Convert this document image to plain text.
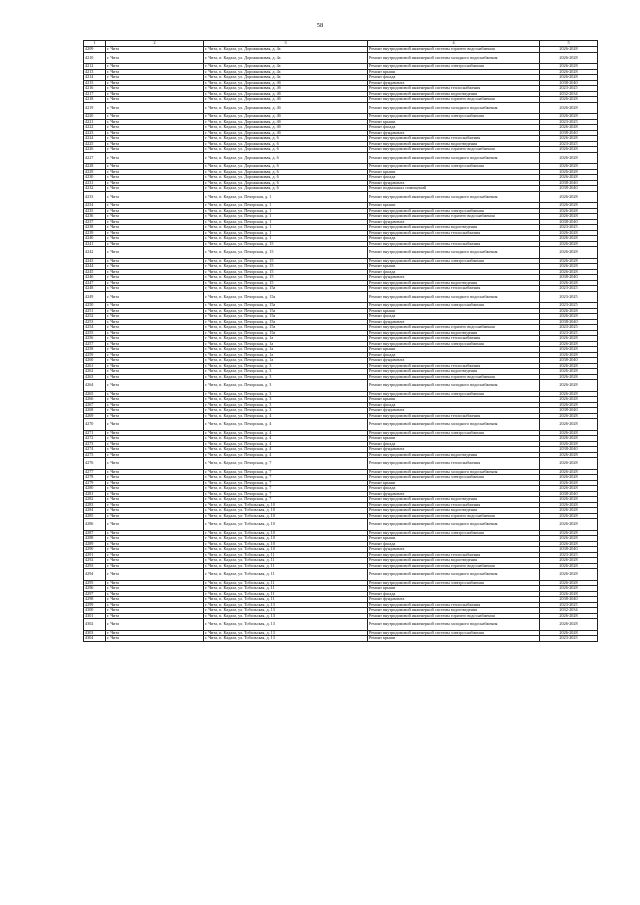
58
1	2	3	4	5
4209	г. Чита	г. Чита, п. Кадала, ул. Дорожниковая, д. 4а	Ремонт внутридомовой инженерной системы горячего водоснабжения	2026-2028
4210	г. Чита	г. Чита, п. Кадала, ул. Дорожниковая, д. 4а	Ремонт внутридомовой инженерной системы холодного водоснабжения	2026-2028
4212	г. Чита	г. Чита, п. Кадала, ул. Дорожниковая, д. 4а	Ремонт внутридомовой инженерной системы электроснабжения	2026-2028
4213	г. Чита	г. Чита, п. Кадала, ул. Дорожниковая, д. 4а	Ремонт крыши	2026-2028
4214	г. Чита	г. Чита, п. Кадала, ул. Дорожниковая, д. 4а	Ремонт фасада	2026-2028
4215	г. Чита	г. Чита, п. Кадала, ул. Дорожниковая, д. 4б	Ремонт фундамента	2038-2040
4216	г. Чита	г. Чита, п. Кадала, ул. Дорожниковая, д. 4б	Ремонт внутридомовой инженерной системы теплоснабжения	2023-2025
4217	г. Чита	г. Чита, п. Кадала, ул. Дорожниковая, д. 4б	Ремонт внутридомовой инженерной системы водоотведения	2032-2034
4218	г. Чита	г. Чита, п. Кадала, ул. Дорожниковая, д. 4б	Ремонт внутридомовой инженерной системы горячего водоснабжения	2026-2028
4219	г. Чита	г. Чита, п. Кадала, ул. Дорожниковая, д. 4б	Ремонт внутридомовой инженерной системы холодного водоснабжения	2026-2028
4220	г. Чита	г. Чита, п. Кадала, ул. Дорожниковая, д. 4б	Ремонт внутридомовой инженерной системы электроснабжения	2026-2028
4221	г. Чита	г. Чита, п. Кадала, ул. Дорожниковая, д. 4б	Ремонт крыши	2023-2025
4222	г. Чита	г. Чита, п. Кадала, ул. Дорожниковая, д. 4б	Ремонт фасада	2026-2028
4223	г. Чита	г. Чита, п. Кадала, ул. Дорожниковая, д. 4б	Ремонт фундамента	2038-2040
4224	г. Чита	г. Чита, п. Кадала, ул. Дорожниковая, д. 6	Ремонт внутридомовой инженерной системы теплоснабжения	2026-2028
4225	г. Чита	г. Чита, п. Кадала, ул. Дорожниковая, д. 6	Ремонт внутридомовой инженерной системы водоотведения	2023-2025
4226	г. Чита	г. Чита, п. Кадала, ул. Дорожниковая, д. 6	Ремонт внутридомовой инженерной системы горячего водоснабжения	2026-2028
4227	г. Чита	г. Чита, п. Кадала, ул. Дорожниковая, д. 6	Ремонт внутридомовой инженерной системы холодного водоснабжения	2026-2028
4228	г. Чита	г. Чита, п. Кадала, ул. Дорожниковая, д. 6	Ремонт внутридомовой инженерной системы электроснабжения	2026-2028
4229	г. Чита	г. Чита, п. Кадала, ул. Дорожниковая, д. 6	Ремонт крыши	2026-2028
4230	г. Чита	г. Чита, п. Кадала, ул. Дорожниковая, д. 6	Ремонт фасада	2026-2028
4231	г. Чита	г. Чита, п. Кадала, ул. Дорожниковая, д. 6	Ремонт фундамента	2038-2040
4232	г. Чита	г. Чита, п. Кадала, ул. Дорожниковая, д. 6	Ремонт подвальных помещений	2038-2040
4233	г. Чита	г. Чита, п. Кадала, ул. Печорская, д. 1	Ремонт внутридомовой инженерной системы холодного водоснабжения	2026-2028
4234	г. Чита	г. Чита, п. Кадала, ул. Печорская, д. 1	Ремонт крыши	2026-2028
4235	г. Чита	г. Чита, п. Кадала, ул. Печорская, д. 1	Ремонт внутридомовой инженерной системы электроснабжения	2026-2028
4236	г. Чита	г. Чита, п. Кадала, ул. Печорская, д. 1	Ремонт внутридомовой инженерной системы горячего водоснабжения	2026-2028
4237	г. Чита	г. Чита, п. Кадала, ул. Печорская, д. 1	Ремонт фундамента	2038-2040
4238	г. Чита	г. Чита, п. Кадала, ул. Печорская, д. 1	Ремонт внутридомовой инженерной системы водоотведения	2023-2025
4239	г. Чита	г. Чита, п. Кадала, ул. Печорская, д. 1	Ремонт внутридомовой инженерной системы теплоснабжения	2026-2028
4240	г. Чита	г. Чита, п. Кадала, ул. Печорская, д. 1	Ремонт фасада	2026-2028
4241	г. Чита	г. Чита, п. Кадала, ул. Печорская, д. 15	Ремонт внутридомовой инженерной системы теплоснабжения	2026-2028
4242	г. Чита	г. Чита, п. Кадала, ул. Печорская, д. 15	Ремонт внутридомовой инженерной системы холодного водоснабжения	2026-2028
4243	г. Чита	г. Чита, п. Кадала, ул. Печорская, д. 15	Ремонт внутридомовой инженерной системы электроснабжения	2026-2028
4244	г. Чита	г. Чита, п. Кадала, ул. Печорская, д. 15	Ремонт крыши	2026-2028
4245	г. Чита	г. Чита, п. Кадала, ул. Печорская, д. 15	Ремонт фасада	2026-2028
4246	г. Чита	г. Чита, п. Кадала, ул. Печорская, д. 15	Ремонт фундамента	2038-2040
4247	г. Чита	г. Чита, п. Кадала, ул. Печорская, д. 15	Ремонт внутридомовой инженерной системы водоотведения	2026-2028
4248	г. Чита	г. Чита, п. Кадала, ул. Печорская, д. 15а	Ремонт внутридомовой инженерной системы теплоснабжения	2023-2025
4249	г. Чита	г. Чита, п. Кадала, ул. Печорская, д. 15а	Ремонт внутридомовой инженерной системы холодного водоснабжения	2023-2025
4250	г. Чита	г. Чита, п. Кадала, ул. Печорская, д. 15а	Ремонт внутридомовой инженерной системы электроснабжения	2023-2025
4251	г. Чита	г. Чита, п. Кадала, ул. Печорская, д. 15а	Ремонт крыши	2026-2028
4252	г. Чита	г. Чита, п. Кадала, ул. Печорская, д. 15а	Ремонт фасада	2026-2028
4253	г. Чита	г. Чита, п. Кадала, ул. Печорская, д. 15а	Ремонт фундамента	2038-2040
4254	г. Чита	г. Чита, п. Кадала, ул. Печорская, д. 15а	Ремонт внутридомовой инженерной системы горячего водоснабжения	2023-2025
4255	г. Чита	г. Чита, п. Кадала, ул. Печорская, д. 15а	Ремонт внутридомовой инженерной системы водоотведения	2023-2025
4256	г. Чита	г. Чита, п. Кадала, ул. Печорская, д. 1а	Ремонт внутридомовой инженерной системы теплоснабжения	2026-2028
4257	г. Чита	г. Чита, п. Кадала, ул. Печорская, д. 1а	Ремонт внутридомовой инженерной системы электроснабжения	2026-2028
4258	г. Чита	г. Чита, п. Кадала, ул. Печорская, д. 1а	Ремонт крыши	2026-2028
4259	г. Чита	г. Чита, п. Кадала, ул. Печорская, д. 1а	Ремонт фасада	2026-2028
4260	г. Чита	г. Чита, п. Кадала, ул. Печорская, д. 1а	Ремонт фундамента	2038-2040
4261	г. Чита	г. Чита, п. Кадала, ул. Печорская, д. 3	Ремонт внутридомовой инженерной системы теплоснабжения	2026-2028
4262	г. Чита	г. Чита, п. Кадала, ул. Печорская, д. 3	Ремонт внутридомовой инженерной системы водоотведения	2026-2028
4263	г. Чита	г. Чита, п. Кадала, ул. Печорская, д. 3	Ремонт внутридомовой инженерной системы горячего водоснабжения	2026-2028
4264	г. Чита	г. Чита, п. Кадала, ул. Печорская, д. 3	Ремонт внутридомовой инженерной системы холодного водоснабжения	2026-2028
4265	г. Чита	г. Чита, п. Кадала, ул. Печорская, д. 3	Ремонт внутридомовой инженерной системы электроснабжения	2026-2028
4266	г. Чита	г. Чита, п. Кадала, ул. Печорская, д. 3	Ремонт крыши	2026-2028
4267	г. Чита	г. Чита, п. Кадала, ул. Печорская, д. 3	Ремонт фасада	2026-2028
4268	г. Чита	г. Чита, п. Кадала, ул. Печорская, д. 3	Ремонт фундамента	2038-2040
4269	г. Чита	г. Чита, п. Кадала, ул. Печорская, д. 4	Ремонт внутридомовой инженерной системы теплоснабжения	2026-2028
4270	г. Чита	г. Чита, п. Кадала, ул. Печорская, д. 4	Ремонт внутридомовой инженерной системы холодного водоснабжения	2026-2028
4271	г. Чита	г. Чита, п. Кадала, ул. Печорская, д. 4	Ремонт внутридомовой инженерной системы электроснабжения	2026-2028
4272	г. Чита	г. Чита, п. Кадала, ул. Печорская, д. 4	Ремонт крыши	2026-2028
4273	г. Чита	г. Чита, п. Кадала, ул. Печорская, д. 4	Ремонт фасада	2026-2028
4274	г. Чита	г. Чита, п. Кадала, ул. Печорская, д. 4	Ремонт фундамента	2038-2040
4275	г. Чита	г. Чита, п. Кадала, ул. Печорская, д. 4	Ремонт внутридомовой инженерной системы водоотведения	2026-2028
4276	г. Чита	г. Чита, п. Кадала, ул. Печорская, д. 7	Ремонт внутридомовой инженерной системы теплоснабжения	2026-2028
4277	г. Чита	г. Чита, п. Кадала, ул. Печорская, д. 7	Ремонт внутридомовой инженерной системы холодного водоснабжения	2026-2028
4278	г. Чита	г. Чита, п. Кадала, ул. Печорская, д. 7	Ремонт внутридомовой инженерной системы электроснабжения	2026-2028
4279	г. Чита	г. Чита, п. Кадала, ул. Печорская, д. 7	Ремонт крыши	2026-2028
4280	г. Чита	г. Чита, п. Кадала, ул. Печорская, д. 7	Ремонт фасада	2026-2028
4281	г. Чита	г. Чита, п. Кадала, ул. Печорская, д. 7	Ремонт фундамента	2038-2040
4282	г. Чита	г. Чита, п. Кадала, ул. Печорская, д. 7	Ремонт внутридомовой инженерной системы водоотведения	2026-2028
4283	г. Чита	г. Чита, п. Кадала, ул. Тобольская, д. 10	Ремонт внутридомовой инженерной системы теплоснабжения	2026-2028
4284	г. Чита	г. Чита, п. Кадала, ул. Тобольская, д. 10	Ремонт внутридомовой инженерной системы водоотведения	2026-2028
4285	г. Чита	г. Чита, п. Кадала, ул. Тобольская, д. 10	Ремонт внутридомовой инженерной системы горячего водоснабжения	2026-2028
4286	г. Чита	г. Чита, п. Кадала, ул. Тобольская, д. 10	Ремонт внутридомовой инженерной системы холодного водоснабжения	2026-2028
4287	г. Чита	г. Чита, п. Кадала, ул. Тобольская, д. 10	Ремонт внутридомовой инженерной системы электроснабжения	2026-2028
4288	г. Чита	г. Чита, п. Кадала, ул. Тобольская, д. 10	Ремонт крыши	2026-2028
4289	г. Чита	г. Чита, п. Кадала, ул. Тобольская, д. 10	Ремонт фасада	2026-2028
4290	г. Чита	г. Чита, п. Кадала, ул. Тобольская, д. 10	Ремонт фундамента	2038-2040
4291	г. Чита	г. Чита, п. Кадала, ул. Тобольская, д. 11	Ремонт внутридомовой инженерной системы теплоснабжения	2023-2025
4292	г. Чита	г. Чита, п. Кадала, ул. Тобольская, д. 11	Ремонт внутридомовой инженерной системы водоотведения	2026-2028
4293	г. Чита	г. Чита, п. Кадала, ул. Тобольская, д. 11	Ремонт внутридомовой инженерной системы горячего водоснабжения	2026-2028
4294	г. Чита	г. Чита, п. Кадала, ул. Тобольская, д. 11	Ремонт внутридомовой инженерной системы холодного водоснабжения	2026-2028
4295	г. Чита	г. Чита, п. Кадала, ул. Тобольская, д. 11	Ремонт внутридомовой инженерной системы электроснабжения	2026-2028
4296	г. Чита	г. Чита, п. Кадала, ул. Тобольская, д. 11	Ремонт крыши	2026-2028
4297	г. Чита	г. Чита, п. Кадала, ул. Тобольская, д. 11	Ремонт фасада	2026-2028
4298	г. Чита	г. Чита, п. Кадала, ул. Тобольская, д. 11	Ремонт фундамента	2038-2040
4299	г. Чита	г. Чита, п. Кадала, ул. Тобольская, д. 13	Ремонт внутридомовой инженерной системы теплоснабжения	2023-2025
4300	г. Чита	г. Чита, п. Кадала, ул. Тобольская, д. 13	Ремонт внутридомовой инженерной системы водоотведения	2032-2034
4301	г. Чита	г. Чита, п. Кадала, ул. Тобольская, д. 13	Ремонт внутридомовой инженерной системы горячего водоснабжения	2026-2028
4302	г. Чита	г. Чита, п. Кадала, ул. Тобольская, д. 13	Ремонт внутридомовой инженерной системы холодного водоснабжения	2026-2028
4303	г. Чита	г. Чита, п. Кадала, ул. Тобольская, д. 13	Ремонт внутридомовой инженерной системы электроснабжения	2026-2028
4304	г. Чита	г. Чита, п. Кадала, ул. Тобольская, д. 13	Ремонт крыши	2023-2025
